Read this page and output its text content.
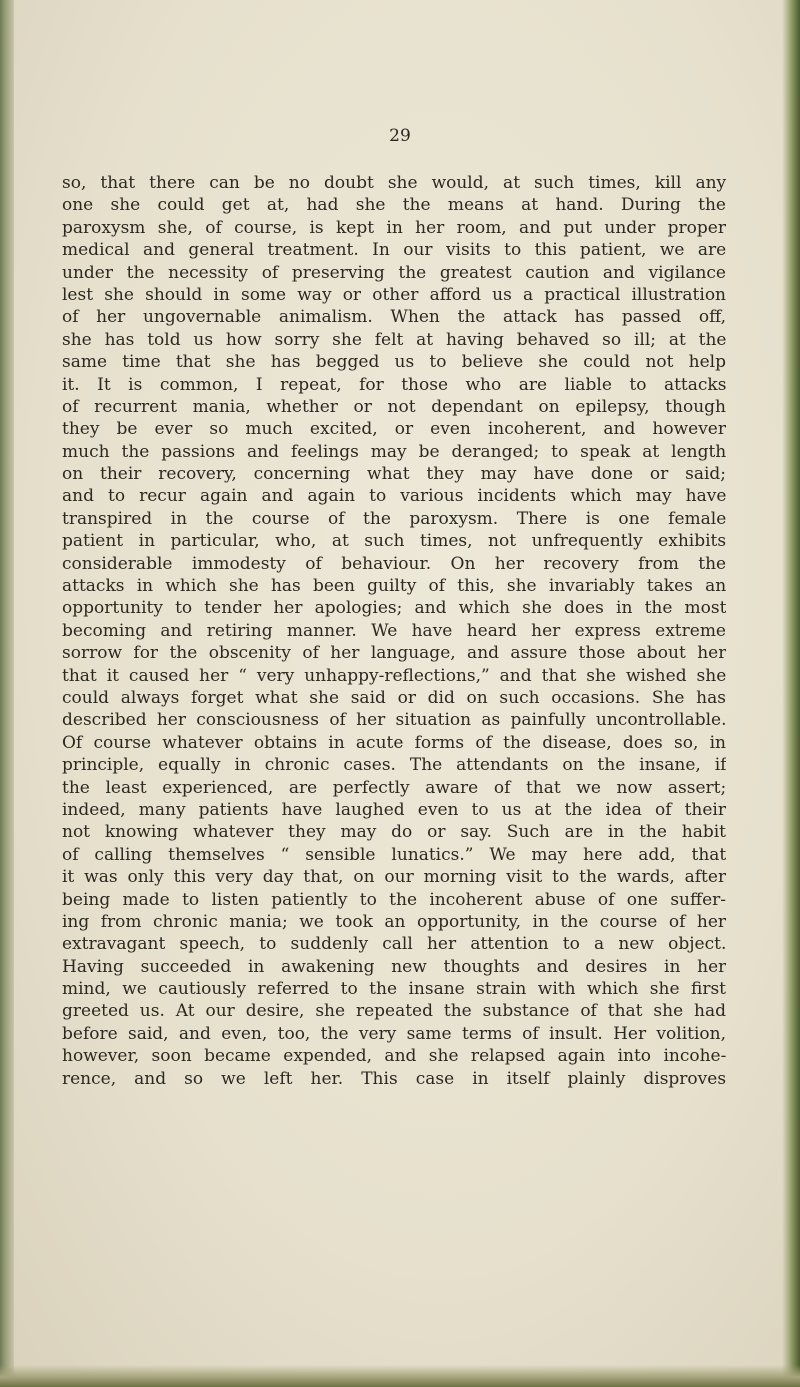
29
so, that there can be no doubt she would, at such times, kill any
one she could get at, had she the means at hand. During the
paroxysm she, of course, is kept in her room, and put under proper
medical and general treatment. In our visits to this patient, we are
under the necessity of preserving the greatest caution and vigilance
lest she should in some way or other afford us a practical illustration
of her ungovernable animalism. When the attack has passed off,
she has told us how sorry she felt at having behaved so ill; at the
same time that she has begged us to believe she could not help
it. It is common, I repeat, for those who are liable to attacks
of recurrent mania, whether or not dependant on epilepsy, though
they be ever so much excited, or even incoherent, and however
much the passions and feelings may be deranged; to speak at length
on their recovery, concerning what they may have done or said;
and to recur again and again to various incidents which may have
transpired in the course of the paroxysm. There is one female
patient in particular, who, at such times, not unfrequently exhibits
considerable immodesty of behaviour. On her recovery from the
attacks in which she has been guilty of this, she invariably takes an
opportunity to tender her apologies; and which she does in the most
becoming and retiring manner. We have heard her express extreme
sorrow for the obscenity of her language, and assure those about her
that it caused her “ very unhappy-reflections,” and that she wished she
could always forget what she said or did on such occasions. She has
described her consciousness of her situation as painfully uncontrollable.
Of course whatever obtains in acute forms of the disease, does so, in
principle, equally in chronic cases. The attendants on the insane, if
the least experienced, are perfectly aware of that we now assert;
indeed, many patients have laughed even to us at the idea of their
not knowing whatever they may do or say. Such are in the habit
of calling themselves “ sensible lunatics.” We may here add, that
it was only this very day that, on our morning visit to the wards, after
being made to listen patiently to the incoherent abuse of one suffer-
ing from chronic mania; we took an opportunity, in the course of her
extravagant speech, to suddenly call her attention to a new object.
Having succeeded in awakening new thoughts and desires in her
mind, we cautiously referred to the insane strain with which she first
greeted us. At our desire, she repeated the substance of that she had
before said, and even, too, the very same terms of insult. Her volition,
however, soon became expended, and she relapsed again into incohe-
rence, and so we left her. This case in itself plainly disproves
